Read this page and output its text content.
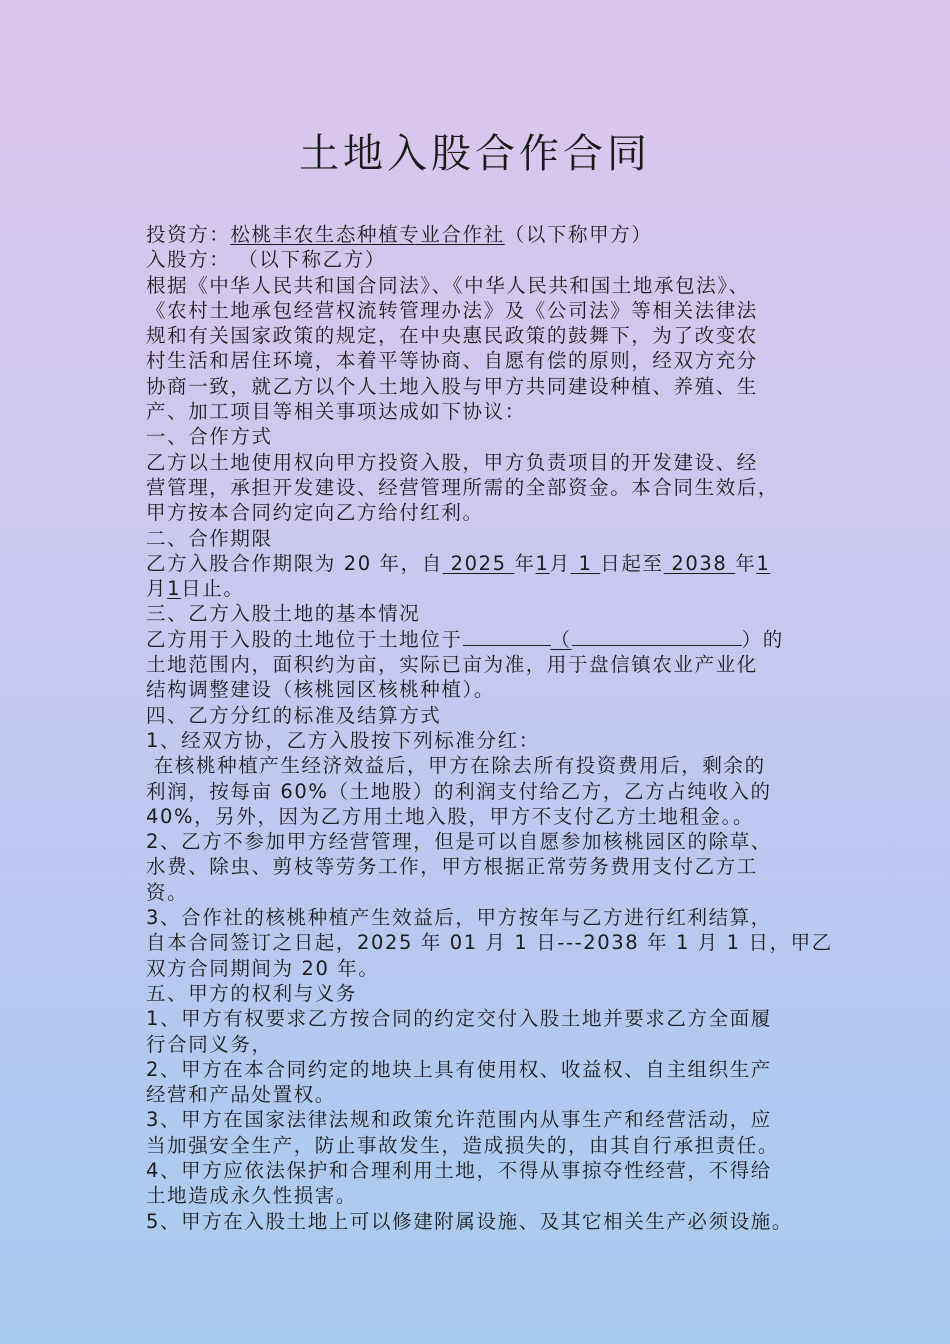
土地入股合作合同
投资方：松桃丰农生态种植专业合作社（以下称甲方）
入股方： （以下称乙方）
根据《中华人民共和国合同法》、《中华人民共和国土地承包法》、
《农村土地承包经营权流转管理办法》及《公司法》等相关法律法
规和有关国家政策的规定，在中央惠民政策的鼓舞下，为了改变农
村生活和居住环境，本着平等协商、自愿有偿的原则，经双方充分
协商一致，就乙方以个人土地入股与甲方共同建设种植、养殖、生
产、加工项目等相关事项达成如下协议：
一、合作方式
乙方以土地使用权向甲方投资入股，甲方负责项目的开发建设、经
营管理，承担开发建设、经营管理所需的全部资金。本合同生效后，
甲方按本合同约定向乙方给付红利。
二、合作期限
乙方入股合作期限为 20 年，自 2025 年1月 1 日起至 2038 年1
月1日止。
三、乙方入股土地的基本情况
乙方用于入股的土地位于土地位于	（	）的
土地范围内，面积约为亩，实际已亩为准，用于盘信镇农业产业化
结构调整建设（核桃园区核桃种植）。
四、乙方分红的标准及结算方式
1、经双方协，乙方入股按下列标准分红：
在核桃种植产生经济效益后，甲方在除去所有投资费用后，剩余的
利润，按每亩 60%（土地股）的利润支付给乙方，乙方占纯收入的
40%，另外，因为乙方用土地入股，甲方不支付乙方土地租金。。
2、乙方不参加甲方经营管理，但是可以自愿参加核桃园区的除草、
水费、除虫、剪枝等劳务工作，甲方根据正常劳务费用支付乙方工
资。
3、合作社的核桃种植产生效益后，甲方按年与乙方进行红利结算，
自本合同签订之日起，2025 年 01 月 1 日---2038 年 1 月 1 日，甲乙
双方合同期间为 20 年。
五、甲方的权利与义务
1、甲方有权要求乙方按合同的约定交付入股土地并要求乙方全面履
行合同义务，
2、甲方在本合同约定的地块上具有使用权、收益权、自主组织生产
经营和产品处置权。
3、甲方在国家法律法规和政策允许范围内从事生产和经营活动，应
当加强安全生产，防止事故发生，造成损失的，由其自行承担责任。
4、甲方应依法保护和合理利用土地，不得从事掠夺性经营，不得给
土地造成永久性损害。
5、甲方在入股土地上可以修建附属设施、及其它相关生产必须设施。
